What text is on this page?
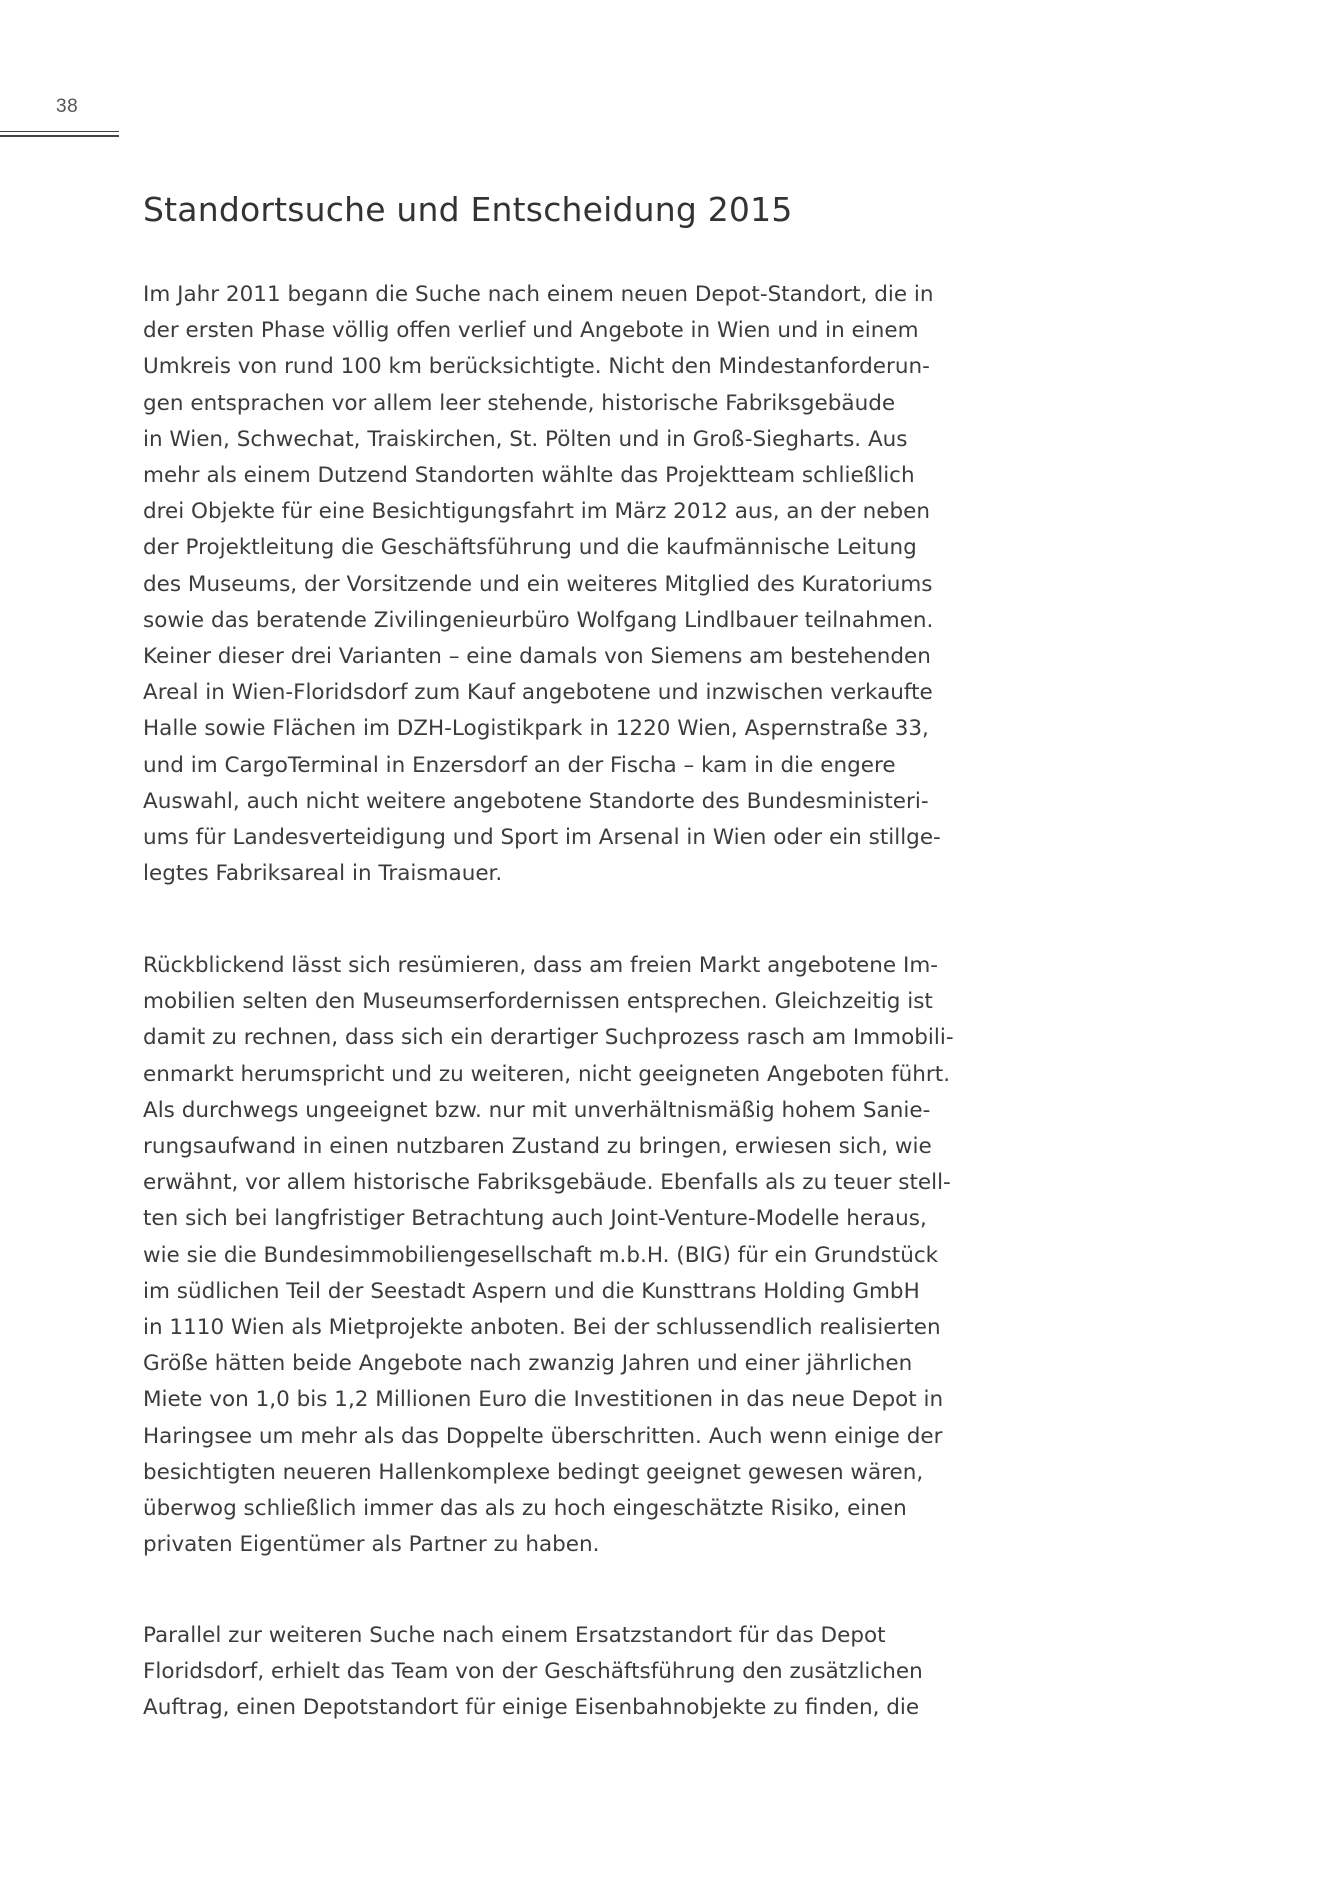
38
Standortsuche und Entscheidung 2015

Im Jahr 2011 begann die Suche nach einem neuen Depot-Standort, die in

der ersten Phase völlig offen verlief und Angebote in Wien und in einem

Umkreis von rund 100 km berücksichtigte. Nicht den Mindestanforderun-

gen entsprachen vor allem leer stehende, historische Fabriksgebäude

in Wien, Schwechat, Traiskirchen, St. Pölten und in Groß-Siegharts. Aus

mehr als einem Dutzend Standorten wählte das Projektteam schließlich

drei Objekte für eine Besichtigungsfahrt im März 2012 aus, an der neben

der Projektleitung die Geschäftsführung und die kaufmännische Leitung

des Museums, der Vorsitzende und ein weiteres Mitglied des Kuratoriums

sowie das beratende Zivilingenieurbüro Wolfgang Lindlbauer teilnahmen.

Keiner dieser drei Varianten – eine damals von Siemens am bestehenden

Areal in Wien-Floridsdorf zum Kauf angebotene und inzwischen verkaufte

Halle sowie Flächen im DZH-Logistikpark in 1220 Wien, Aspernstraße 33,

und im CargoTerminal in Enzersdorf an der Fischa – kam in die engere

Auswahl, auch nicht weitere angebotene Standorte des Bundesministeri-

ums für Landesverteidigung und Sport im Arsenal in Wien oder ein stillge-

legtes Fabriksareal in Traismauer.

Rückblickend lässt sich resümieren, dass am freien Markt angebotene Im-

mobilien selten den Museumserfordernissen entsprechen. Gleichzeitig ist

damit zu rechnen, dass sich ein derartiger Suchprozess rasch am Immobili-

enmarkt herumspricht und zu weiteren, nicht geeigneten Angeboten führt.

Als durchwegs ungeeignet bzw. nur mit unverhältnismäßig hohem Sanie-

rungsaufwand in einen nutzbaren Zustand zu bringen, erwiesen sich, wie

erwähnt, vor allem historische Fabriksgebäude. Ebenfalls als zu teuer stell-

ten sich bei langfristiger Betrachtung auch Joint-Venture-Modelle heraus,

wie sie die Bundesimmobiliengesellschaft m.b.H. (BIG) für ein Grundstück

im südlichen Teil der Seestadt Aspern und die Kunsttrans Holding GmbH

in 1110 Wien als Mietprojekte anboten. Bei der schlussendlich realisierten

Größe hätten beide Angebote nach zwanzig Jahren und einer jährlichen

Miete von 1,0 bis 1,2 Millionen Euro die Investitionen in das neue Depot in

Haringsee um mehr als das Doppelte überschritten. Auch wenn einige der

besichtigten neueren Hallenkomplexe bedingt geeignet gewesen wären,

überwog schließlich immer das als zu hoch eingeschätzte Risiko, einen

privaten Eigentümer als Partner zu haben.

Parallel zur weiteren Suche nach einem Ersatzstandort für das Depot

Floridsdorf, erhielt das Team von der Geschäftsführung den zusätzlichen

Auftrag, einen Depotstandort für einige Eisenbahnobjekte zu finden, die
